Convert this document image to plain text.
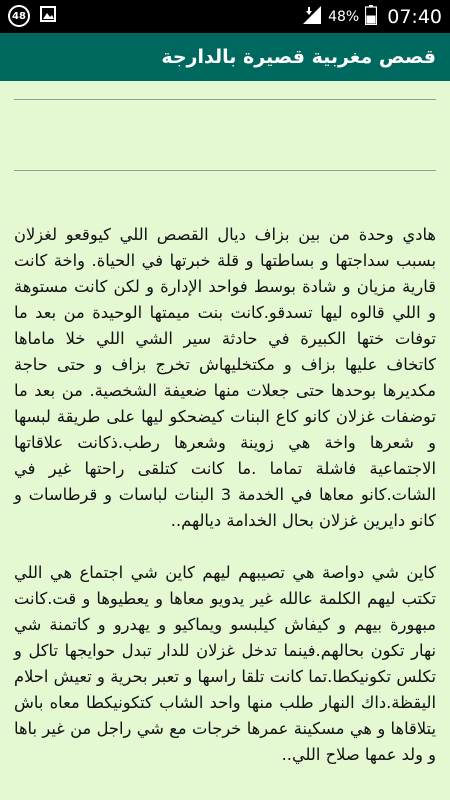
48	48% 07:40
قصص مغربية قصيرة بالدارجة

هادي وحدة من بين بزاف ديال القصص اللي كيوقعو لغزلان بسبب سداجتها و بساطتها و قلة خبرتها في الحياة. واخة كانت قارية مزيان و شادة بوسط فواحد الإدارة و لكن كانت مستوهة و اللي قالوه ليها تسدقو.كانت بنت ميمتها الوحيدة من بعد ما توفات ختها الكبيرة في حادثة سير الشي اللي خلا ماماها كاتخاف عليها بزاف و مكتخليهاش تخرج بزاف و حتى حاجة مكديرها بوحدها حتى جعلات منها ضعيفة الشخصية. من بعد ما توضفات غزلان كانو كاع البنات كيضحكو ليها على طريقة لبسها و شعرها واخة هي زوينة وشعرها رطب.ذكانت علاقاتها الاجتماعية فاشلة تماما .ما كانت كتلقى راحتها غير في الشات.كانو معاها في الخدمة 3 البنات لباسات و قرطاسات و كانو دايرين غزلان بحال الخدامة ديالهم..

كاين شي دواصة هي تصيبهم ليهم كاين شي اجتماع هي اللي تكتب ليهم الكلمة عالله غير يدويو معاها و يعطيوها و قت.كانت مبهورة بيهم و كيفاش كيلبسو ويماكيو و يهدرو و كاتمنة شي نهار تكون بحالهم.فينما تدخل غزلان للدار تبدل حوايجها تاكل و تكلس تكونيكطا.تما كانت تلقا راسها و تعبر بحرية و تعيش احلام اليقظة.داك النهار طلب منها واحد الشاب كتكونيكطا معاه باش يتلاقاها و هي مسكينة عمرها خرجات مع شي راجل من غير باها و ولد عمها صلاح اللي..
